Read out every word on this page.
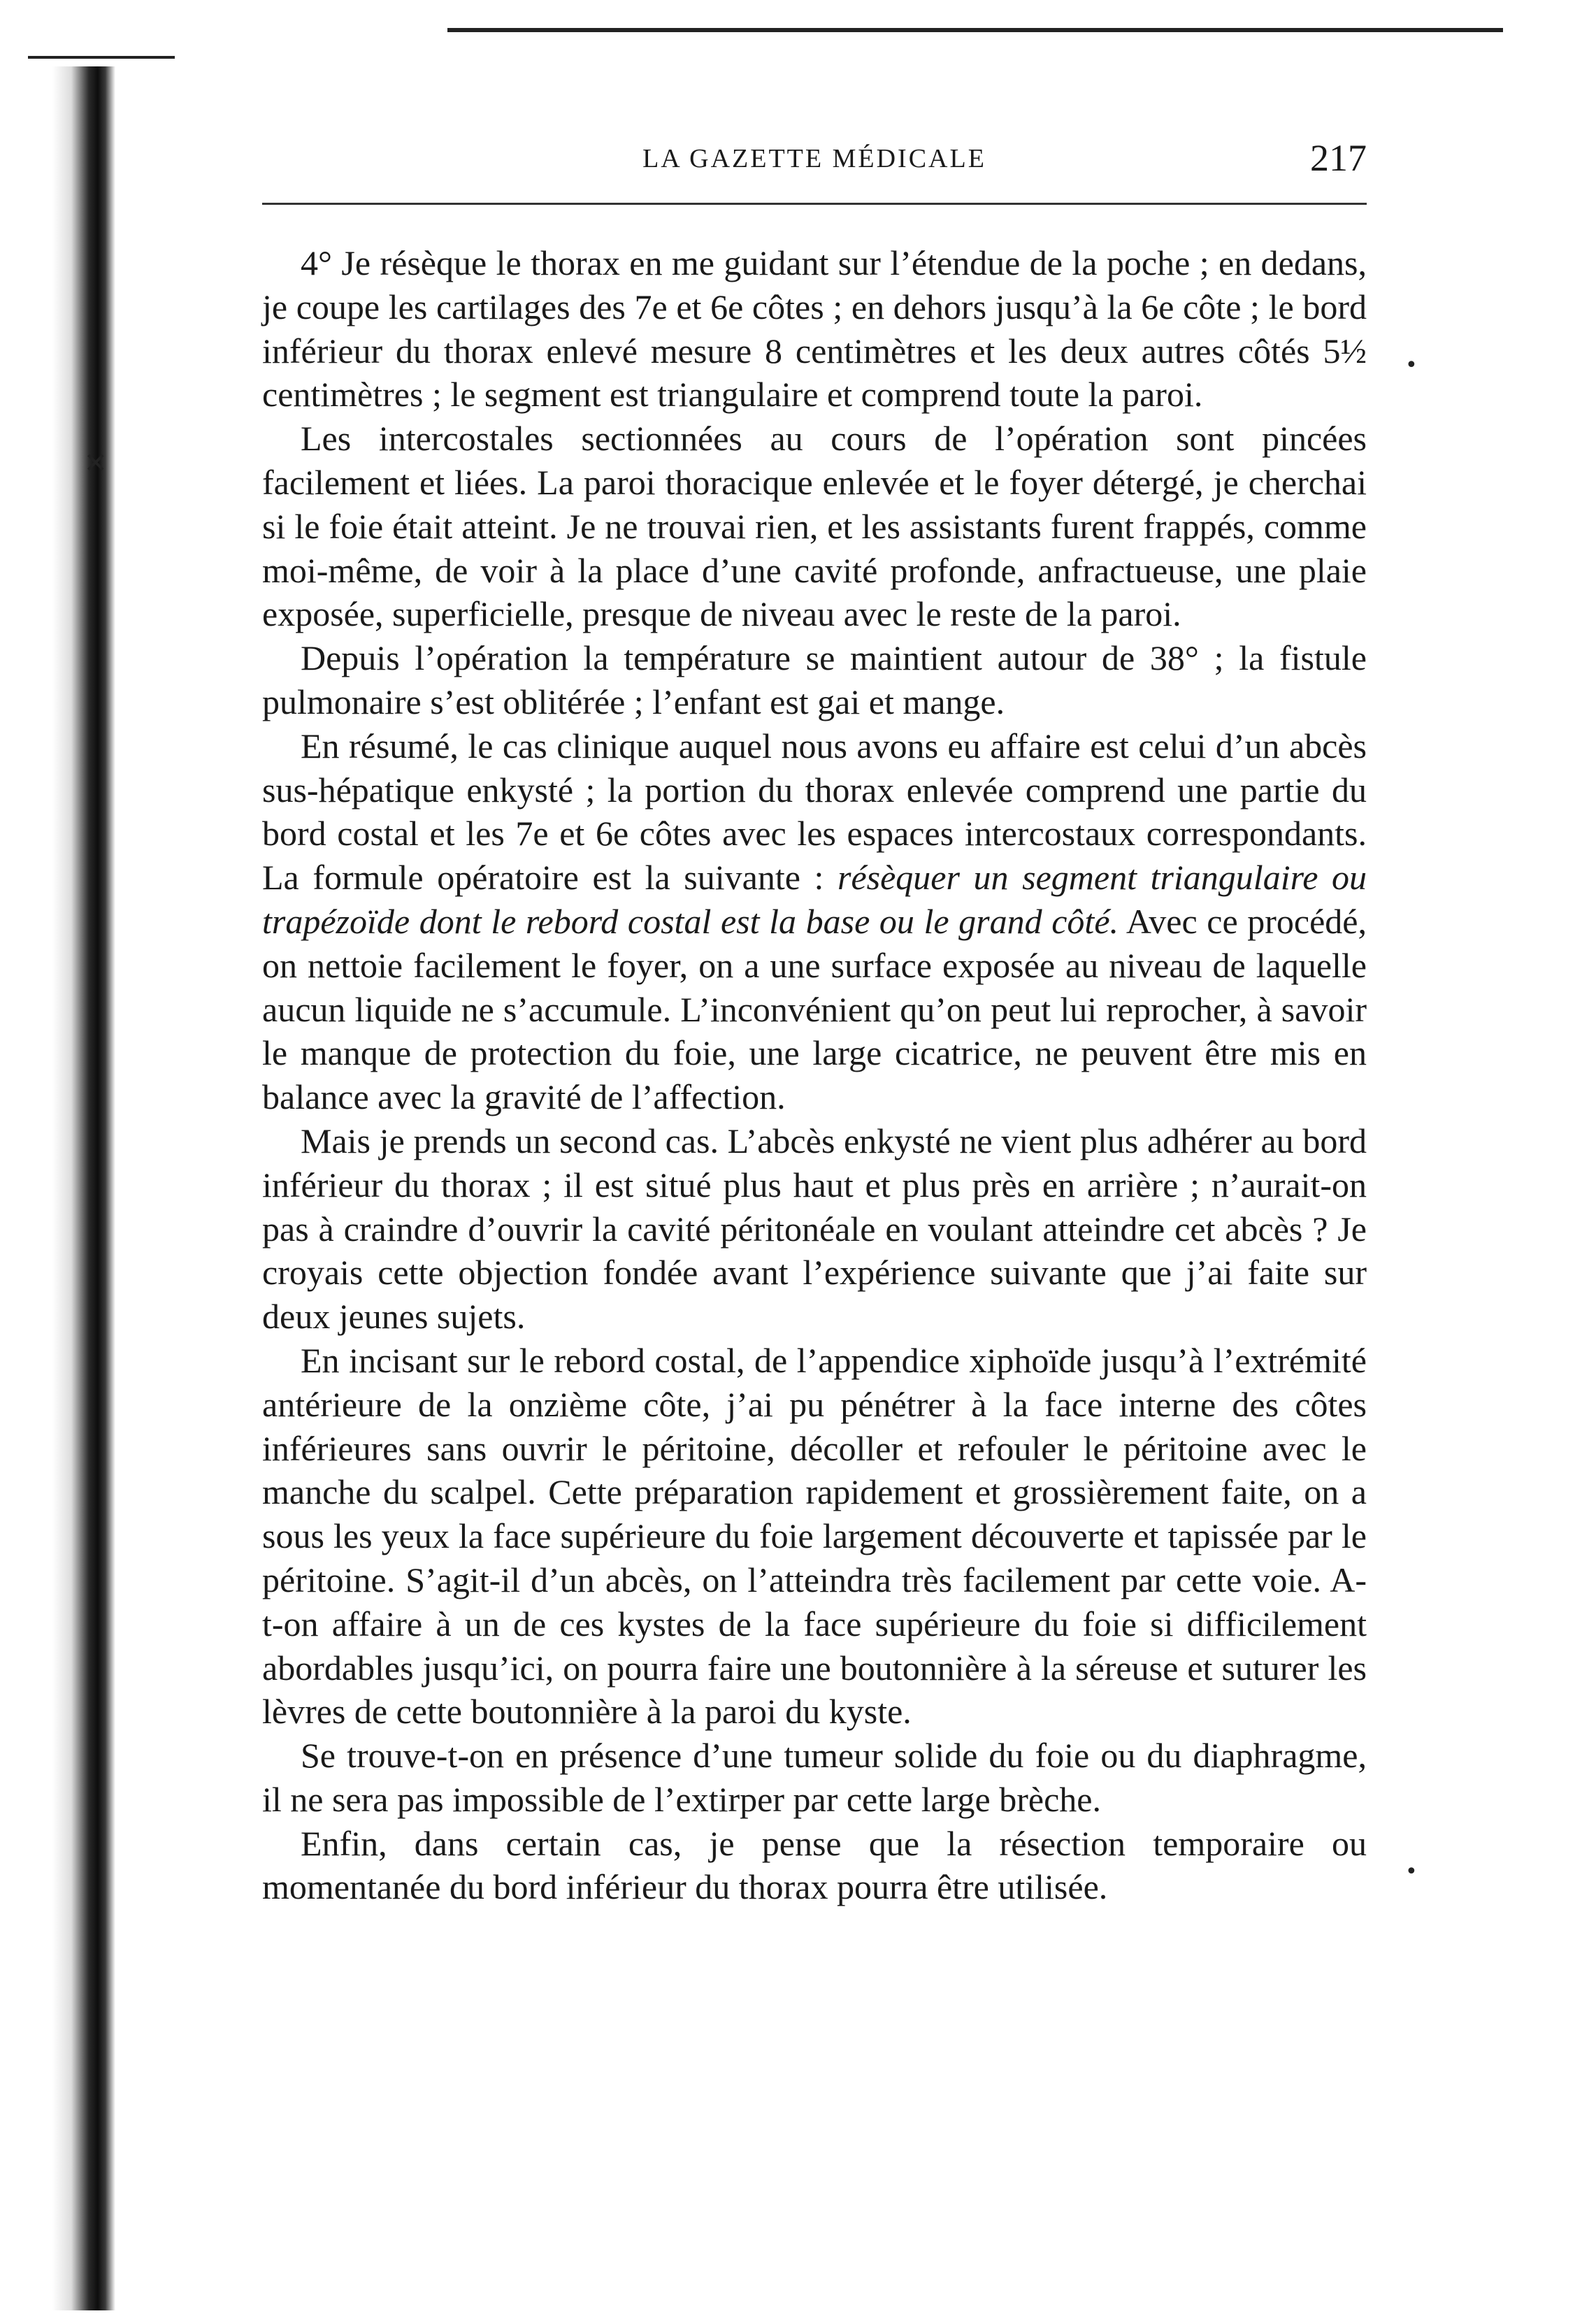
✕
•
•
LA GAZETTE MÉDICALE	217

4° Je résèque le thorax en me guidant sur l’étendue de la poche ; en dedans, je coupe les cartilages des 7e et 6e côtes ; en dehors jusqu’à la 6e côte ; le bord inférieur du thorax enlevé mesure 8 centimètres et les deux autres côtés 5½ centimètres ; le segment est triangulaire et comprend toute la paroi.

Les intercostales sectionnées au cours de l’opération sont pincées facilement et liées. La paroi thoracique enlevée et le foyer détergé, je cherchai si le foie était atteint. Je ne trouvai rien, et les assistants furent frappés, comme moi-même, de voir à la place d’une cavité profonde, anfractueuse, une plaie exposée, superficielle, presque de niveau avec le reste de la paroi.

Depuis l’opération la température se maintient autour de 38° ; la fistule pulmonaire s’est oblitérée ; l’enfant est gai et mange.

En résumé, le cas clinique auquel nous avons eu affaire est celui d’un abcès sus-hépatique enkysté ; la portion du thorax enlevée comprend une partie du bord costal et les 7e et 6e côtes avec les espaces intercostaux correspondants. La formule opératoire est la suivante : résèquer un segment triangulaire ou trapézoïde dont le rebord costal est la base ou le grand côté. Avec ce procédé, on nettoie facilement le foyer, on a une surface exposée au niveau de laquelle aucun liquide ne s’accumule. L’inconvénient qu’on peut lui reprocher, à savoir le manque de protection du foie, une large cicatrice, ne peuvent être mis en balance avec la gravité de l’affection.

Mais je prends un second cas. L’abcès enkysté ne vient plus adhérer au bord inférieur du thorax ; il est situé plus haut et plus près en arrière ; n’aurait-on pas à craindre d’ouvrir la cavité péritonéale en voulant atteindre cet abcès ? Je croyais cette objection fondée avant l’expérience suivante que j’ai faite sur deux jeunes sujets.

En incisant sur le rebord costal, de l’appendice xiphoïde jusqu’à l’extrémité antérieure de la onzième côte, j’ai pu pénétrer à la face interne des côtes inférieures sans ouvrir le péritoine, décoller et refouler le péritoine avec le manche du scalpel. Cette préparation rapidement et grossièrement faite, on a sous les yeux la face supérieure du foie largement découverte et tapissée par le péritoine. S’agit-il d’un abcès, on l’atteindra très facilement par cette voie. A-t-on affaire à un de ces kystes de la face supérieure du foie si difficilement abordables jusqu’ici, on pourra faire une boutonnière à la séreuse et suturer les lèvres de cette boutonnière à la paroi du kyste.

Se trouve-t-on en présence d’une tumeur solide du foie ou du diaphragme, il ne sera pas impossible de l’extirper par cette large brèche.

Enfin, dans certain cas, je pense que la résection temporaire ou momentanée du bord inférieur du thorax pourra être utilisée.
